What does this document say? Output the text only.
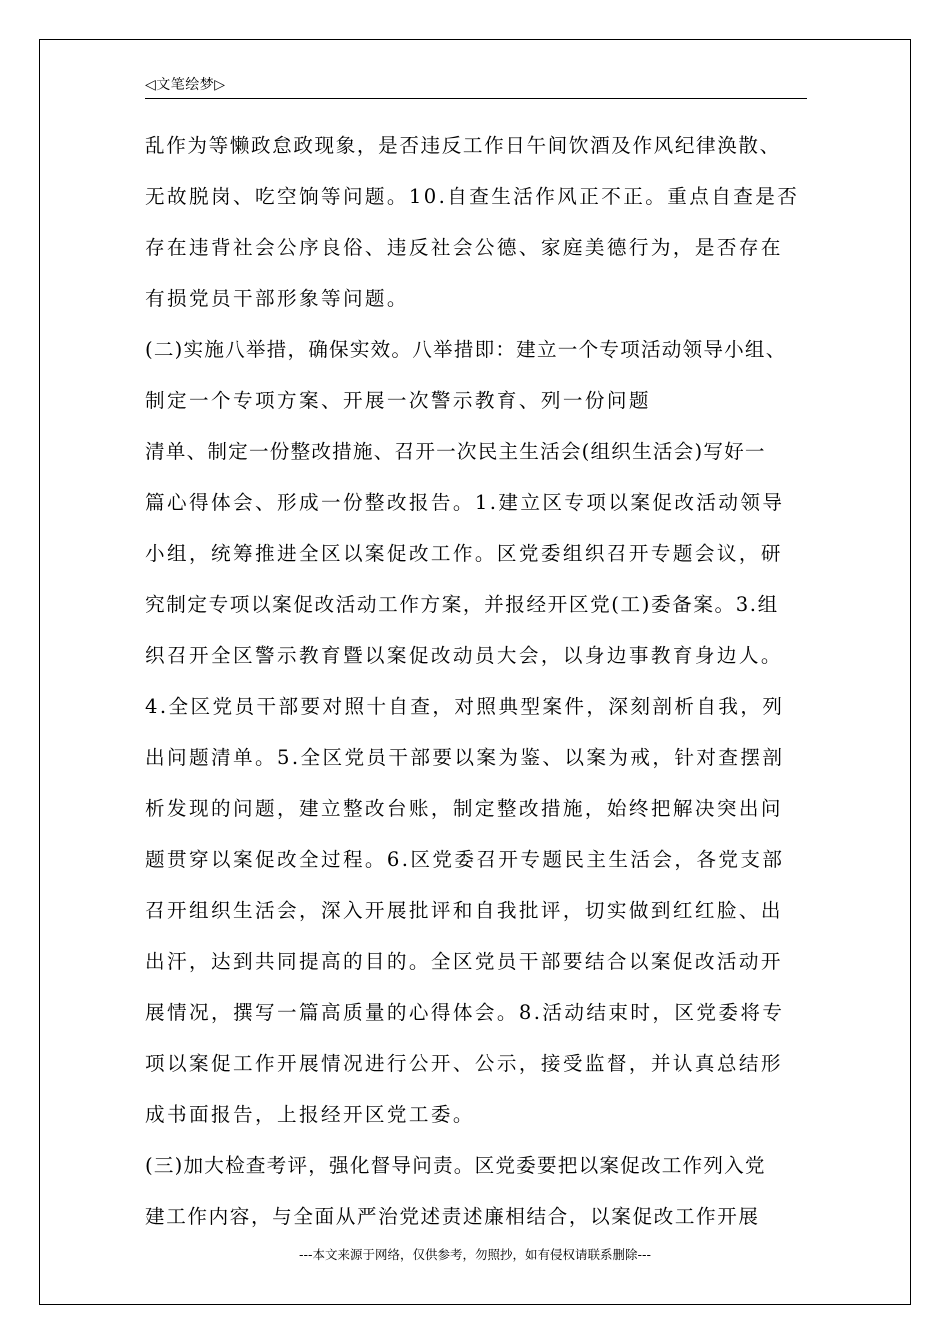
◁文笔绘梦▷
乱作为等懒政怠政现象，是否违反工作日午间饮酒及作风纪律涣散、
无故脱岗、吃空饷等问题。10.自查生活作风正不正。重点自查是否
存在违背社会公序良俗、违反社会公德、家庭美德行为，是否存在
有损党员干部形象等问题。
(二)实施八举措，确保实效。八举措即：建立一个专项活动领导小组、
制定一个专项方案、开展一次警示教育、列一份问题
清单、制定一份整改措施、召开一次民主生活会(组织生活会)写好一
篇心得体会、形成一份整改报告。1.建立区专项以案促改活动领导
小组，统筹推进全区以案促改工作。区党委组织召开专题会议，研
究制定专项以案促改活动工作方案，并报经开区党(工)委备案。3.组
织召开全区警示教育暨以案促改动员大会，以身边事教育身边人。
4.全区党员干部要对照十自查，对照典型案件，深刻剖析自我，列
出问题清单。5.全区党员干部要以案为鉴、以案为戒，针对查摆剖
析发现的问题，建立整改台账，制定整改措施，始终把解决突出问
题贯穿以案促改全过程。6.区党委召开专题民主生活会，各党支部
召开组织生活会，深入开展批评和自我批评，切实做到红红脸、出
出汗，达到共同提高的目的。全区党员干部要结合以案促改活动开
展情况，撰写一篇高质量的心得体会。8.活动结束时，区党委将专
项以案促工作开展情况进行公开、公示，接受监督，并认真总结形
成书面报告，上报经开区党工委。
(三)加大检查考评，强化督导问责。区党委要把以案促改工作列入党
建工作内容，与全面从严治党述责述廉相结合，以案促改工作开展
---本文来源于网络，仅供参考，勿照抄，如有侵权请联系删除---
